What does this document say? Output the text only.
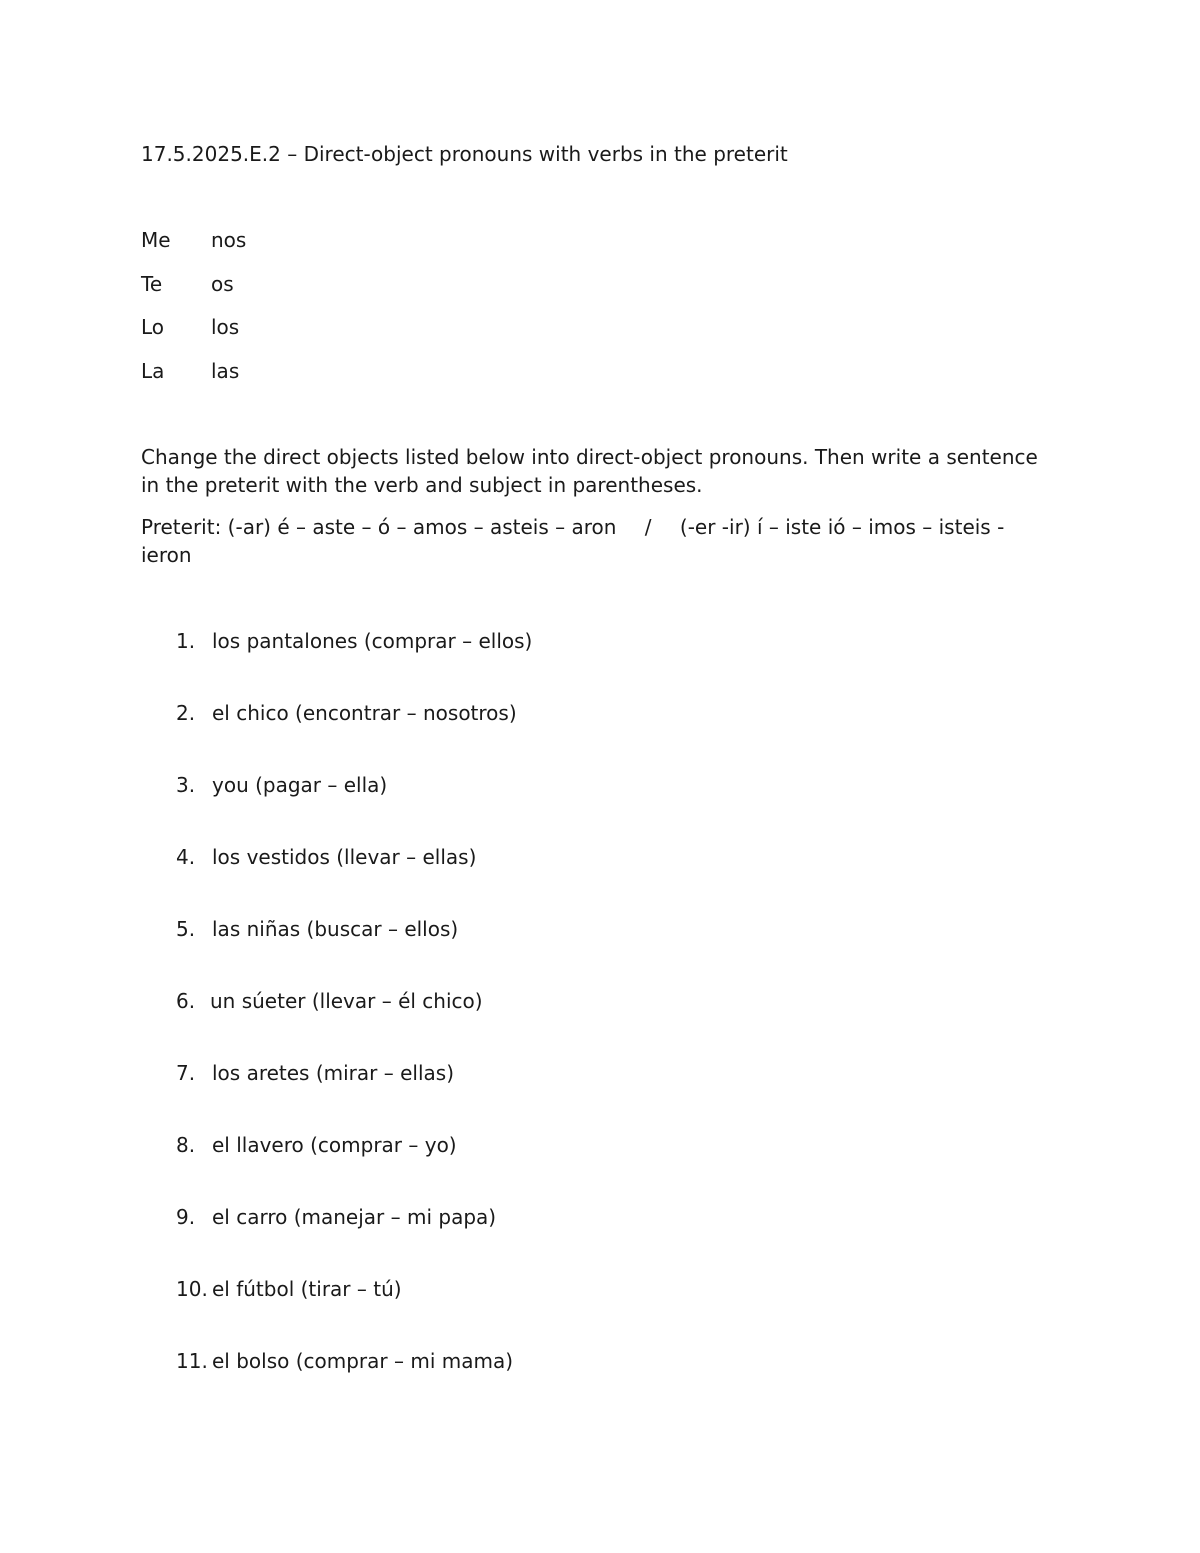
17.5.2025.E.2 – Direct-object pronouns with verbs in the preterit
Me nos
Te os
Lo los
La las
Change the direct objects listed below into direct-object pronouns. Then write a sentence in the preterit with the verb and subject in parentheses.
Preterit: (-ar) é – aste – ó – amos – asteis – aron / (-er -ir) í – iste ió – imos – isteis - ieron
1. los pantalones (comprar – ellos)
2. el chico (encontrar – nosotros)
3. you (pagar – ella)
4. los vestidos (llevar – ellas)
5. las niñas (buscar – ellos)
6. un súeter (llevar – él chico)
7. los aretes (mirar – ellas)
8. el llavero (comprar – yo)
9. el carro (manejar – mi papa)
10. el fútbol (tirar – tú)
11. el bolso (comprar – mi mama)
